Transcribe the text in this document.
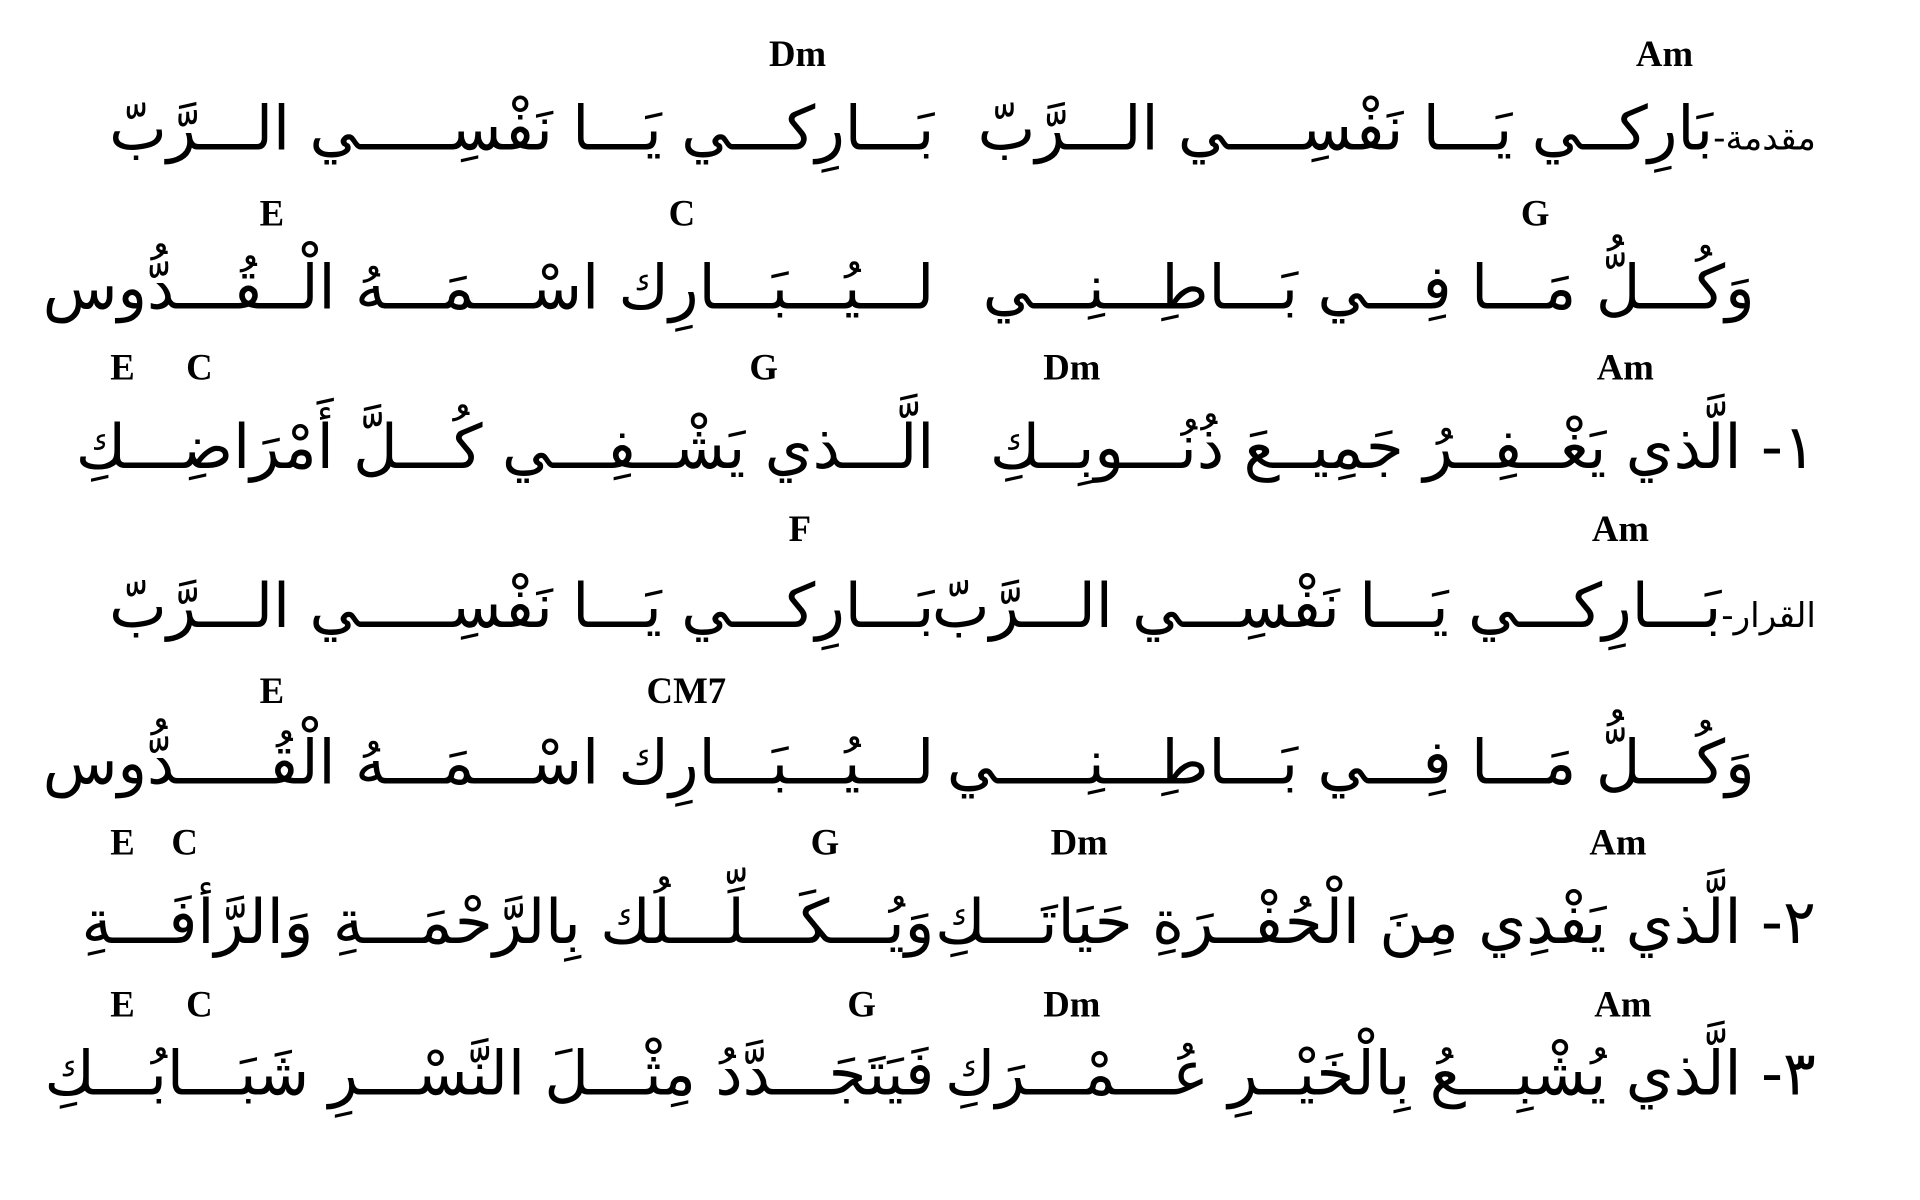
Dm	Am
بَـــارِكـــي يَـــا نَفْسِـــــي الـــرَّبّ	مقدمة-بَارِكــي يَـــا نَفْسِــــي الـــرَّبّ
E	C	G
لـــيُـــبَـــارِك اسْـــمَـــهُ الْــقُـــدُّوس وَكُـــلُّ مَـــا فِـــي بَـــاطِـــنِـــي
E C	G	Dm	Am
الَّـــذي يَشْــفِـــي كُـــلَّ أَمْرَاضِـــكِ ١- الَّذي يَغْــفِــرُ جَمِيــعَ ذُنُـــوبِــكِ
F	Am
بَـــارِكـــي يَـــا نَفْسِـــــي الـــرَّبّ	القرار-بَـــارِكـــي يَـــا نَفْسِـــي الـــرَّبّ
E	CM7
لـــيُـــبَـــارِك اسْـــمَـــهُ الْقُـــــدُّوس وَكُـــلُّ مَـــا فِـــي بَـــاطِـــنِـــــي
E C	G	Dm	Am
وَيُـــكَـــلِّـــلُك بِالرَّحْمَـــةِ وَالرَّأفَـــةِ ٢- الَّذي يَفْدِي مِنَ الْحُفْــرَةِ حَيَاتَـــكِ
E C	G	Dm	Am
فَيَتَجَـــدَّدُ مِثْـــلَ النَّسْـــرِ شَبَـــابُـــكِ ٣- الَّذي يُشْبِـــعُ بِالْخَيْــرِ عُـــمْـــرَكِ
